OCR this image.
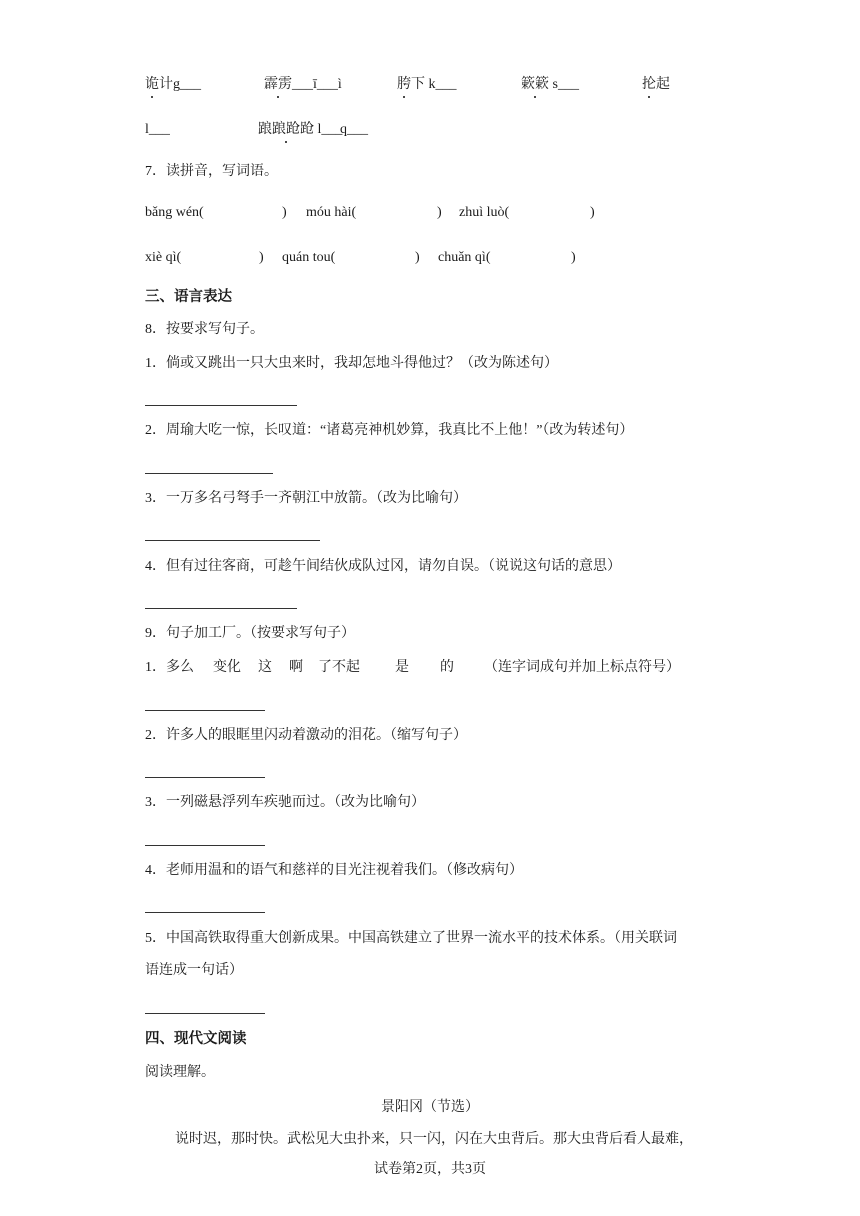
诡计g___	霹雳___ī___ì	胯下 k___	簌簌 s___	抡起
l___	踉踉跄跄 l___
q___
7．读拼音，写词语。
bǎng wén(	) móu hài(	) zhuì luò(	)
xiè qì(	) quán tou(	) chuǎn qì(	)
三、语言表达
8．按要求写句子。
1．倘或又跳出一只大虫来时，我却怎地斗得他过？（改为陈述句）
2．周瑜大吃一惊，长叹道：“诸葛亮神机妙算，我真比不上他！”（改为转述句）
3．一万多名弓弩手一齐朝江中放箭。（改为比喻句）
4．但有过往客商，可趁午间结伙成队过冈，请勿自误。（说说这句话的意思）
9．句子加工厂。（按要求写句子）
1．多么 变化 这 啊 了不起	是 的 （连字词成句并加上标点符号）
2．许多人的眼眶里闪动着激动的泪花。（缩写句子）
3．一列磁悬浮列车疾驰而过。（改为比喻句）
4．老师用温和的语气和慈祥的目光注视着我们。（修改病句）
5．中国高铁取得重大创新成果。中国高铁建立了世界一流水平的技术体系。（用关联词
语连成一句话）
四、现代文阅读
阅读理解。
景阳冈（节选）
说时迟，那时快。武松见大虫扑来，只一闪，闪在大虫背后。那大虫背后看人最难，
试卷第2页，共3页
